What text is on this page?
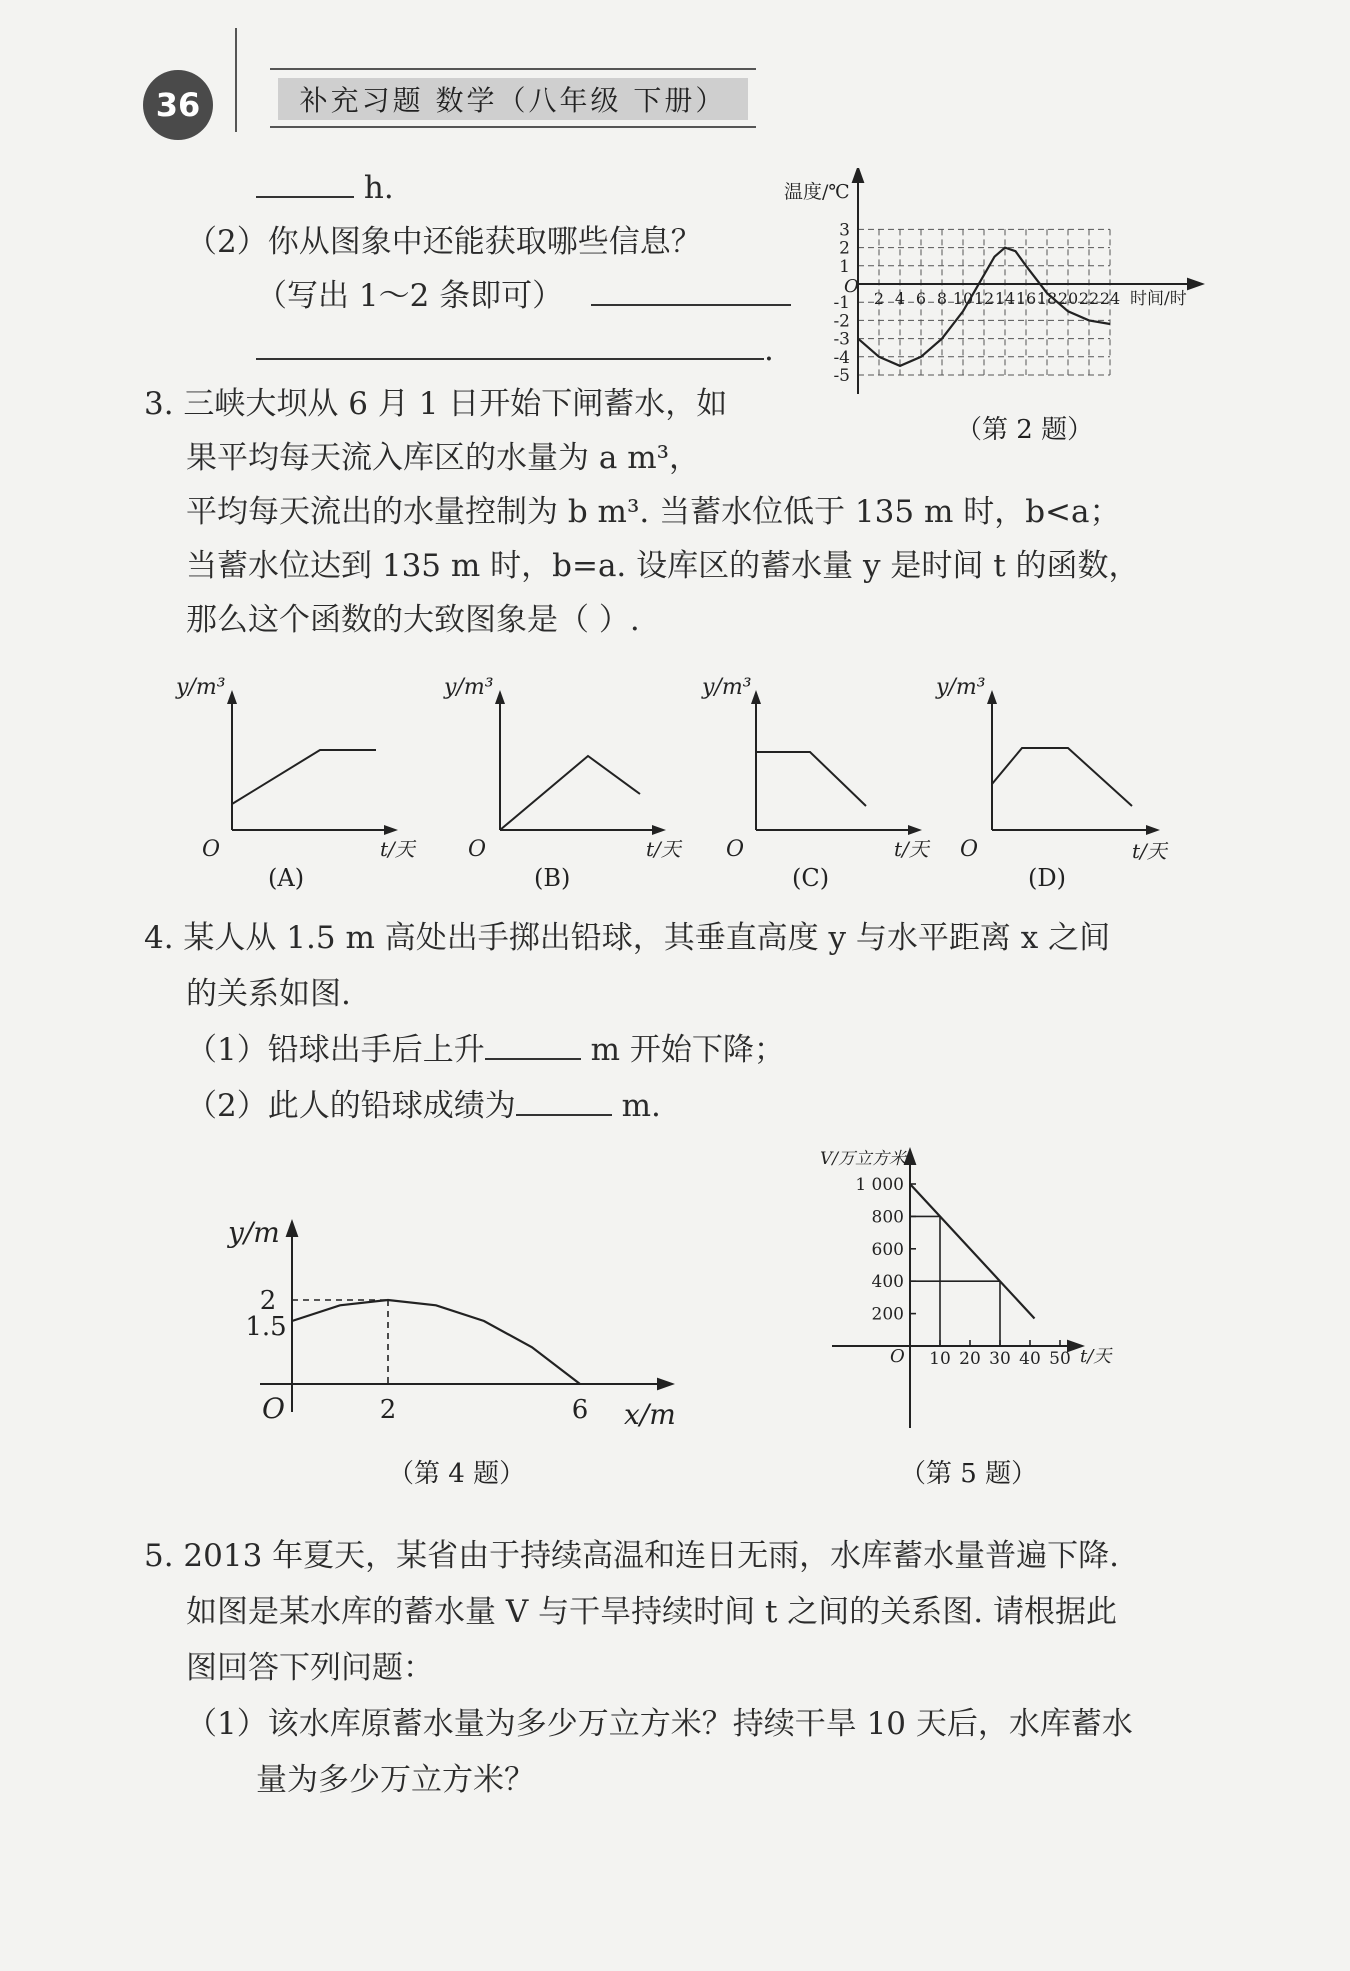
36	补充习题 数学（八年级 下册）
h.
（2）你从图象中还能获取哪些信息？
（写出 1～2 条即可）
.
温度/℃
时间/时
O
3
2
1
-1
-2
-3
-4
-5
2 4 6 8 10 12 14 16 18 20 22 24
（第 2 题）
3. 三峡大坝从 6 月 1 日开始下闸蓄水，如
果平均每天流入库区的水量为 a m³，
平均每天流出的水量控制为 b m³. 当蓄水位低于 135 m 时，b<a；
当蓄水位达到 135 m 时，b=a. 设库区的蓄水量 y 是时间 t 的函数，
那么这个函数的大致图象是（ ）.
y/m³
O	t/天
(A)
y/m³
O	t/天
(B)
y/m³
O	t/天
(C)
y/m³
O	t/天
(D)
4. 某人从 1.5 m 高处出手掷出铅球，其垂直高度 y 与水平距离 x 之间
的关系如图.
（1）铅球出手后上升	m 开始下降；
（2）此人的铅球成绩为	m.
y/m
x/m
O
2
1.5
2	6
（第 4 题）
200
400
600
800
1 000
10 20 30 40 50
V/万立方米
t/天
O
（第 5 题）
5. 2013 年夏天，某省由于持续高温和连日无雨，水库蓄水量普遍下降.
如图是某水库的蓄水量 V 与干旱持续时间 t 之间的关系图. 请根据此
图回答下列问题：
（1）该水库原蓄水量为多少万立方米？持续干旱 10 天后，水库蓄水
量为多少万立方米？
